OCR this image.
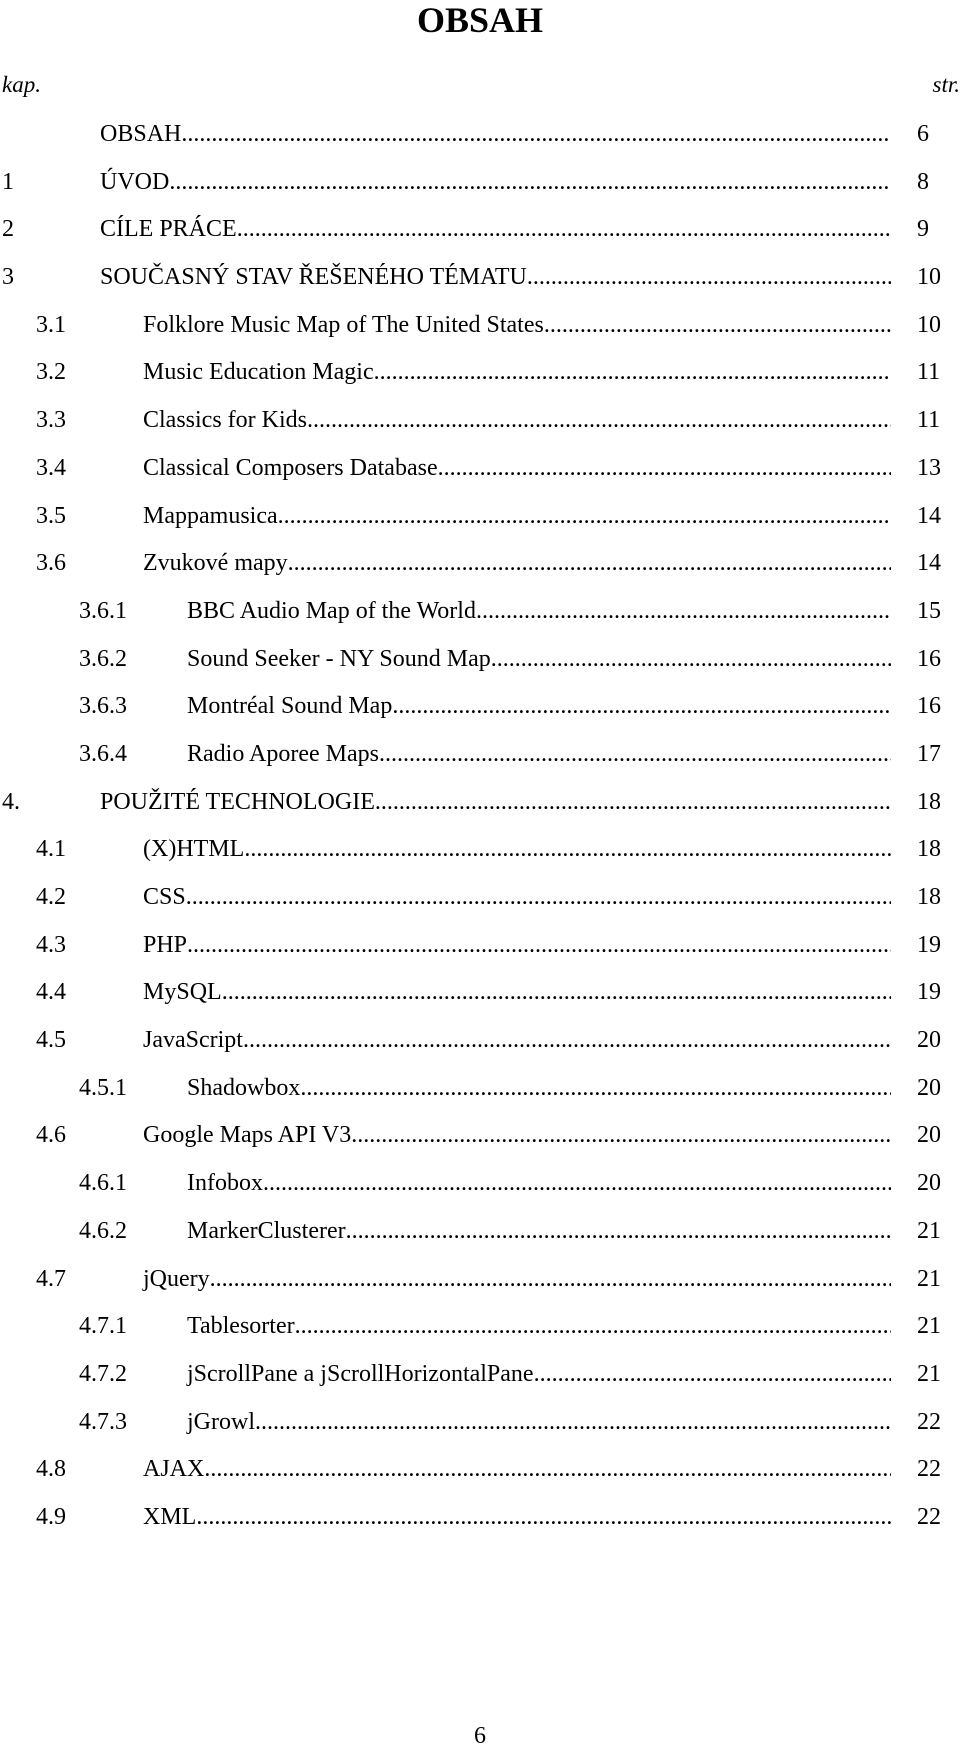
OBSAH
kap.	str.
OBSAH .....	6
1	ÚVOD .....	8
2	CÍLE PRÁCE .....	9
3	SOUČASNÝ STAV ŘEŠENÉHO TÉMATU .....	10
3.1	Folklore Music Map of The United States .....	10
3.2	Music Education Magic .....	11
3.3	Classics for Kids .....	11
3.4	Classical Composers Database .....	13
3.5	Mappamusica .....	14
3.6	Zvukové mapy .....	14
3.6.1	BBC Audio Map of the World .....	15
3.6.2	Sound Seeker - NY Sound Map .....	16
3.6.3	Montréal Sound Map .....	16
3.6.4	Radio Aporee Maps .....	17
4.	POUŽITÉ TECHNOLOGIE .....	18
4.1	(X)HTML .....	18
4.2	CSS .....	18
4.3	PHP .....	19
4.4	MySQL .....	19
4.5	JavaScript .....	20
4.5.1	Shadowbox .....	20
4.6	Google Maps API V3 .....	20
4.6.1	Infobox .....	20
4.6.2	MarkerClusterer .....	21
4.7	jQuery .....	21
4.7.1	Tablesorter .....	21
4.7.2	jScrollPane a jScrollHorizontalPane .....	21
4.7.3	jGrowl .....	22
4.8	AJAX .....	22
4.9	XML .....	22
6
